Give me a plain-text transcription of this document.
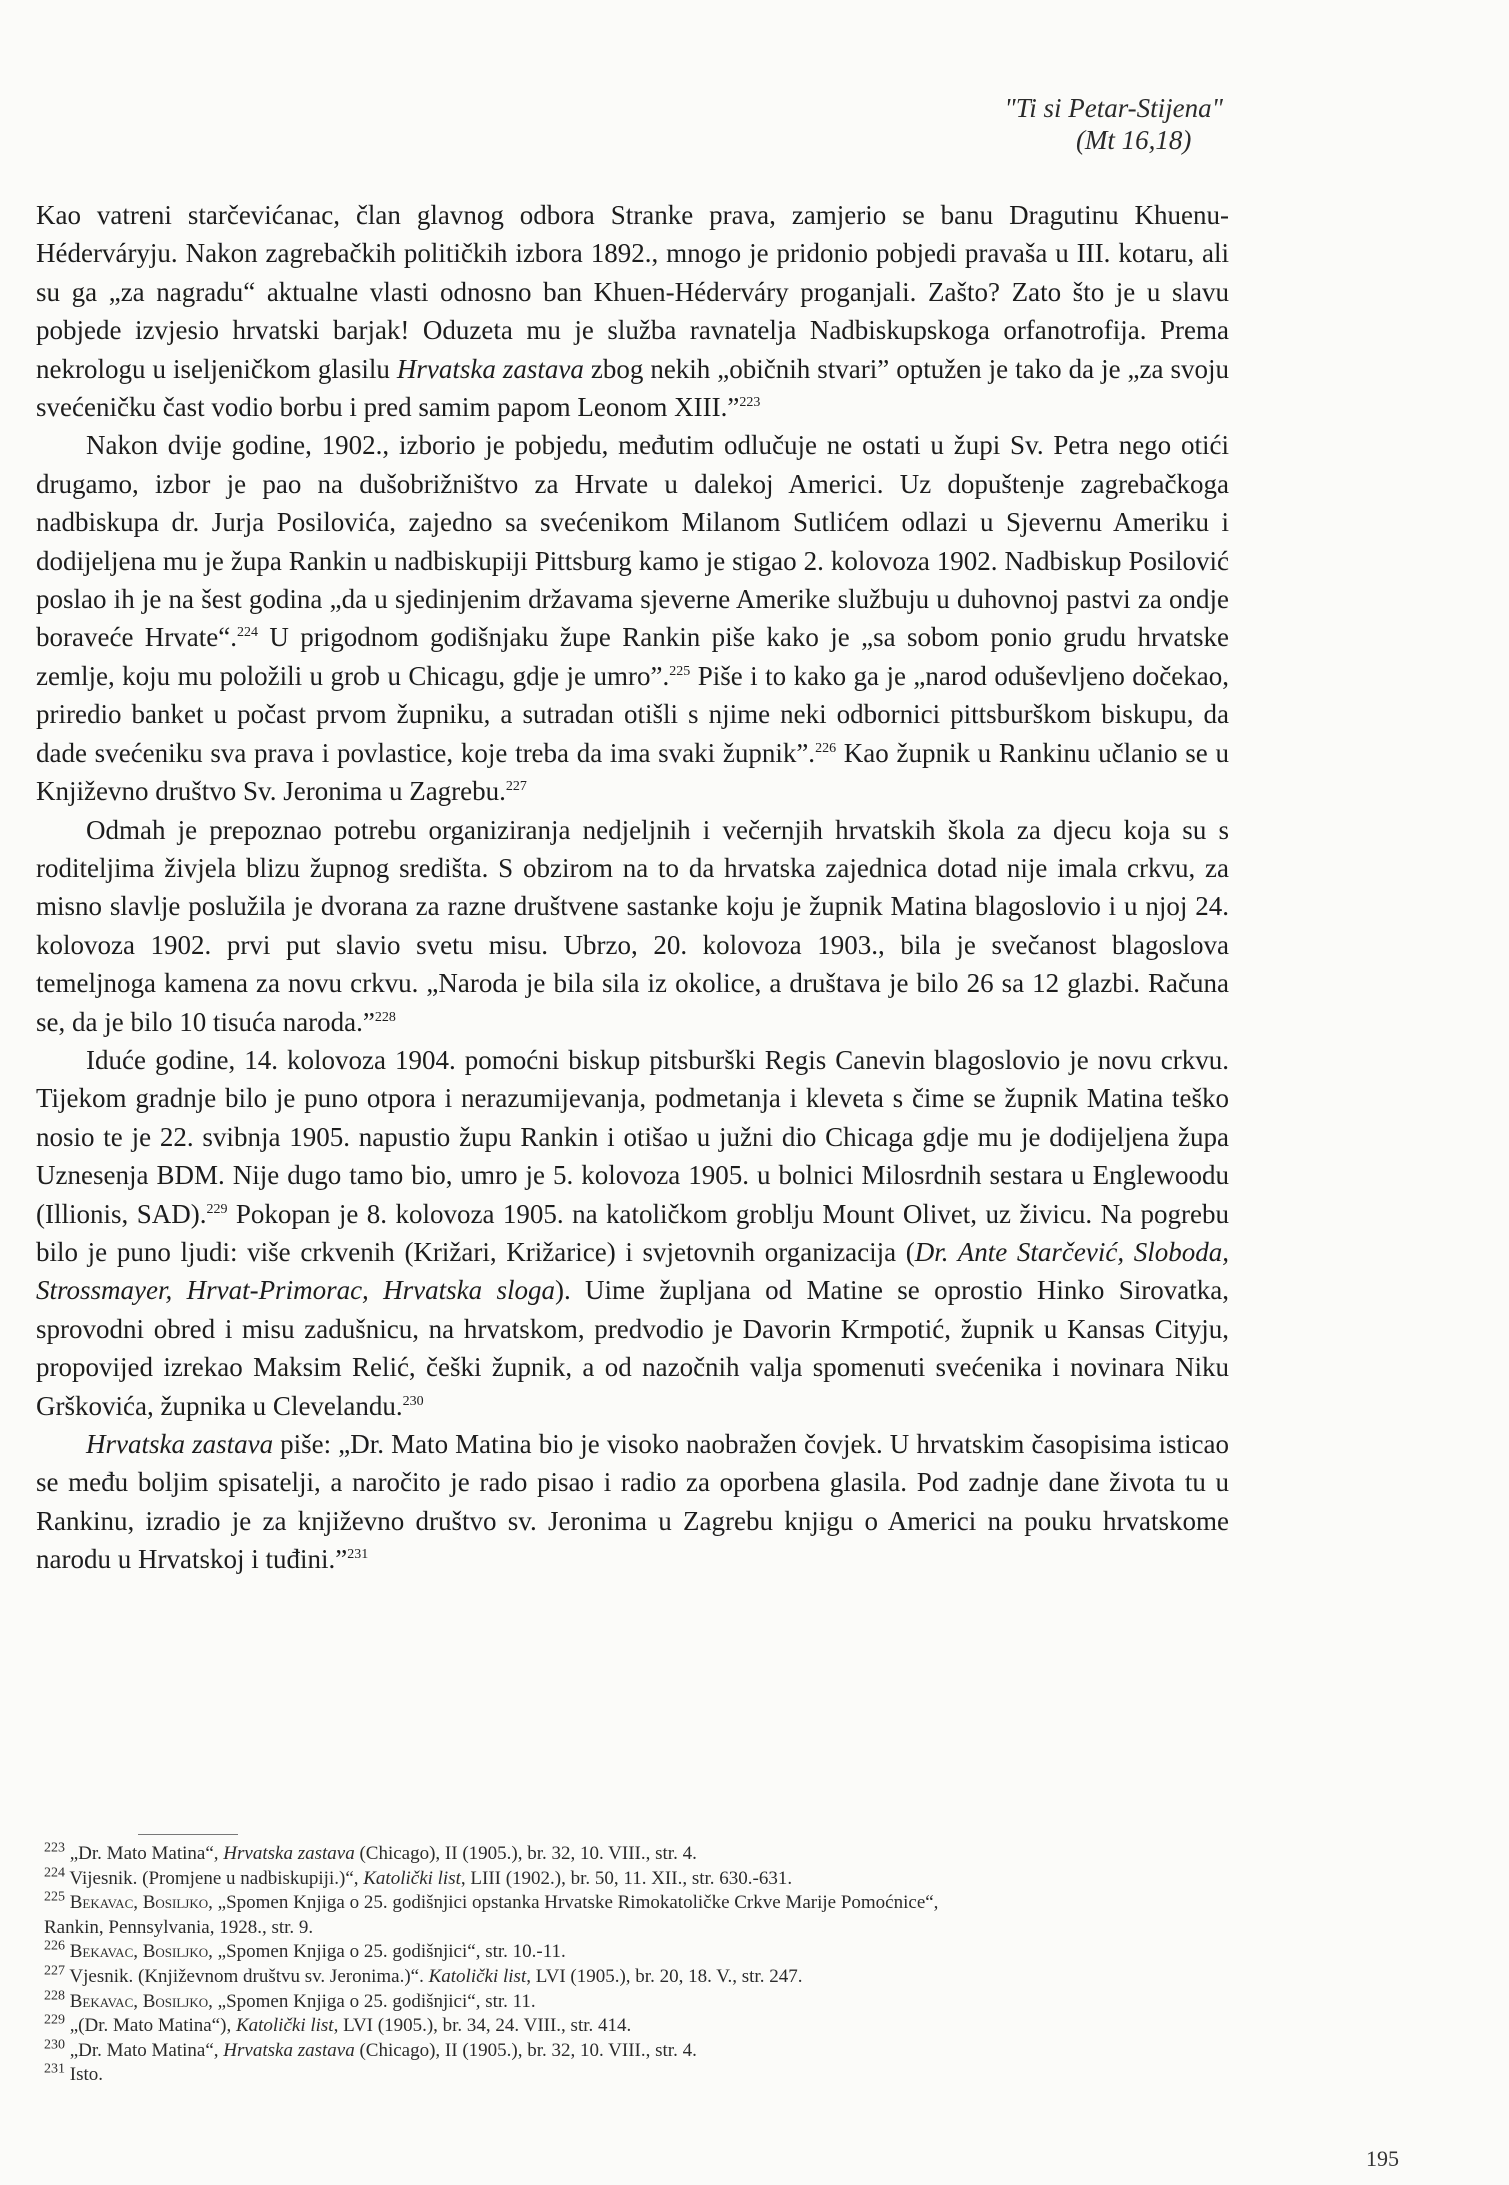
"Ti si Petar-Stijena"
(Mt 16,18)

Kao vatreni starčevićanac, član glavnog odbora Stranke prava, zamjerio se banu Dragutinu Khuenu-Héderváryju. Nakon zagrebačkih političkih izbora 1892., mnogo je pridonio pobjedi pravaša u III. kotaru, ali su ga „za nagradu“ aktualne vlasti odnosno ban Khuen-Héderváry proganjali. Zašto? Zato što je u slavu pobjede izvjesio hrvatski barjak! Oduzeta mu je služba ravnatelja Nadbiskupskoga orfanotrofija. Prema nekrologu u iseljeničkom glasilu Hrvatska zastava zbog nekih „običnih stvari” optužen je tako da je „za svoju svećeničku čast vodio borbu i pred samim papom Leonom XIII.”$^{223}$

Nakon dvije godine, 1902., izborio je pobjedu, međutim odlučuje ne ostati u župi Sv. Petra nego otići drugamo, izbor je pao na dušobrižništvo za Hrvate u dalekoj Americi. Uz dopuštenje zagrebačkoga nadbiskupa dr. Jurja Posilovića, zajedno sa svećenikom Milanom Sutlićem odlazi u Sjevernu Ameriku i dodijeljena mu je župa Rankin u nadbiskupiji Pittsburg kamo je stigao 2. kolovoza 1902. Nadbiskup Posilović poslao ih je na šest godina „da u sjedinjenim državama sjeverne Amerike službuju u duhovnoj pastvi za ondje boraveće Hrvate“.$^{224}$ U prigodnom godišnjaku župe Rankin piše kako je „sa sobom ponio grudu hrvatske zemlje, koju mu položili u grob u Chicagu, gdje je umro”.$^{225}$ Piše i to kako ga je „narod oduševljeno dočekao, priredio banket u počast prvom župniku, a sutradan otišli s njime neki odbornici pittsburškom biskupu, da dade svećeniku sva prava i povlastice, koje treba da ima svaki župnik”.$^{226}$ Kao župnik u Rankinu učlanio se u Književno društvo Sv. Jeronima u Zagrebu.$^{227}$

Odmah je prepoznao potrebu organiziranja nedjeljnih i večernjih hrvatskih škola za djecu koja su s roditeljima živjela blizu župnog središta. S obzirom na to da hrvatska zajednica dotad nije imala crkvu, za misno slavlje poslužila je dvorana za razne društvene sastanke koju je župnik Matina blagoslovio i u njoj 24. kolovoza 1902. prvi put slavio svetu misu. Ubrzo, 20. kolovoza 1903., bila je svečanost blagoslova temeljnoga kamena za novu crkvu. „Naroda je bila sila iz okolice, a društava je bilo 26 sa 12 glazbi. Računa se, da je bilo 10 tisuća naroda.”$^{228}$

Iduće godine, 14. kolovoza 1904. pomoćni biskup pitsburški Regis Canevin blagoslovio je novu crkvu. Tijekom gradnje bilo je puno otpora i nerazumijevanja, podmetanja i kleveta s čime se župnik Matina teško nosio te je 22. svibnja 1905. napustio župu Rankin i otišao u južni dio Chicaga gdje mu je dodijeljena župa Uznesenja BDM. Nije dugo tamo bio, umro je 5. kolovoza 1905. u bolnici Milosrdnih sestara u Englewoodu (Illionis, SAD).$^{229}$ Pokopan je 8. kolovoza 1905. na katoličkom groblju Mount Olivet, uz živicu. Na pogrebu bilo je puno ljudi: više crkvenih (Križari, Križarice) i svjetovnih organizacija (Dr. Ante Starčević, Sloboda, Strossmayer, Hrvat-Primorac, Hrvatska sloga). Uime župljana od Matine se oprostio Hinko Sirovatka, sprovodni obred i misu zadušnicu, na hrvatskom, predvodio je Davorin Krmpotić, župnik u Kansas Cityju, propovijed izrekao Maksim Relić, češki župnik, a od nazočnih valja spomenuti svećenika i novinara Niku Grškovića, župnika u Clevelandu.$^{230}$

Hrvatska zastava piše: „Dr. Mato Matina bio je visoko naobražen čovjek. U hrvatskim časopisima isticao se među boljim spisatelji, a naročito je rado pisao i radio za oporbena glasila. Pod zadnje dane života tu u Rankinu, izradio je za književno društvo sv. Jeronima u Zagrebu knjigu o Americi na pouku hrvatskome narodu u Hrvatskoj i tuđini.”$^{231}$

$^{223}$ „Dr. Mato Matina“, Hrvatska zastava (Chicago), II (1905.), br. 32, 10. VIII., str. 4.

$^{224}$ Vijesnik. (Promjene u nadbiskupiji.)“, Katolički list, LIII (1902.), br. 50, 11. XII., str. 630.-631.

$^{225}$ Bekavac, Bosiljko, „Spomen Knjiga o 25. godišnjici opstanka Hrvatske Rimokatoličke Crkve Marije Pomoćnice“,
Rankin, Pennsylvania, 1928., str. 9.

$^{226}$ Bekavac, Bosiljko, „Spomen Knjiga o 25. godišnjici“, str. 10.-11.

$^{227}$ Vjesnik. (Književnom društvu sv. Jeronima.)“. Katolički list, LVI (1905.), br. 20, 18. V., str. 247.

$^{228}$ Bekavac, Bosiljko, „Spomen Knjiga o 25. godišnjici“, str. 11.

$^{229}$ „(Dr. Mato Matina“), Katolički list, LVI (1905.), br. 34, 24. VIII., str. 414.

$^{230}$ „Dr. Mato Matina“, Hrvatska zastava (Chicago), II (1905.), br. 32, 10. VIII., str. 4.

$^{231}$ Isto.

195
